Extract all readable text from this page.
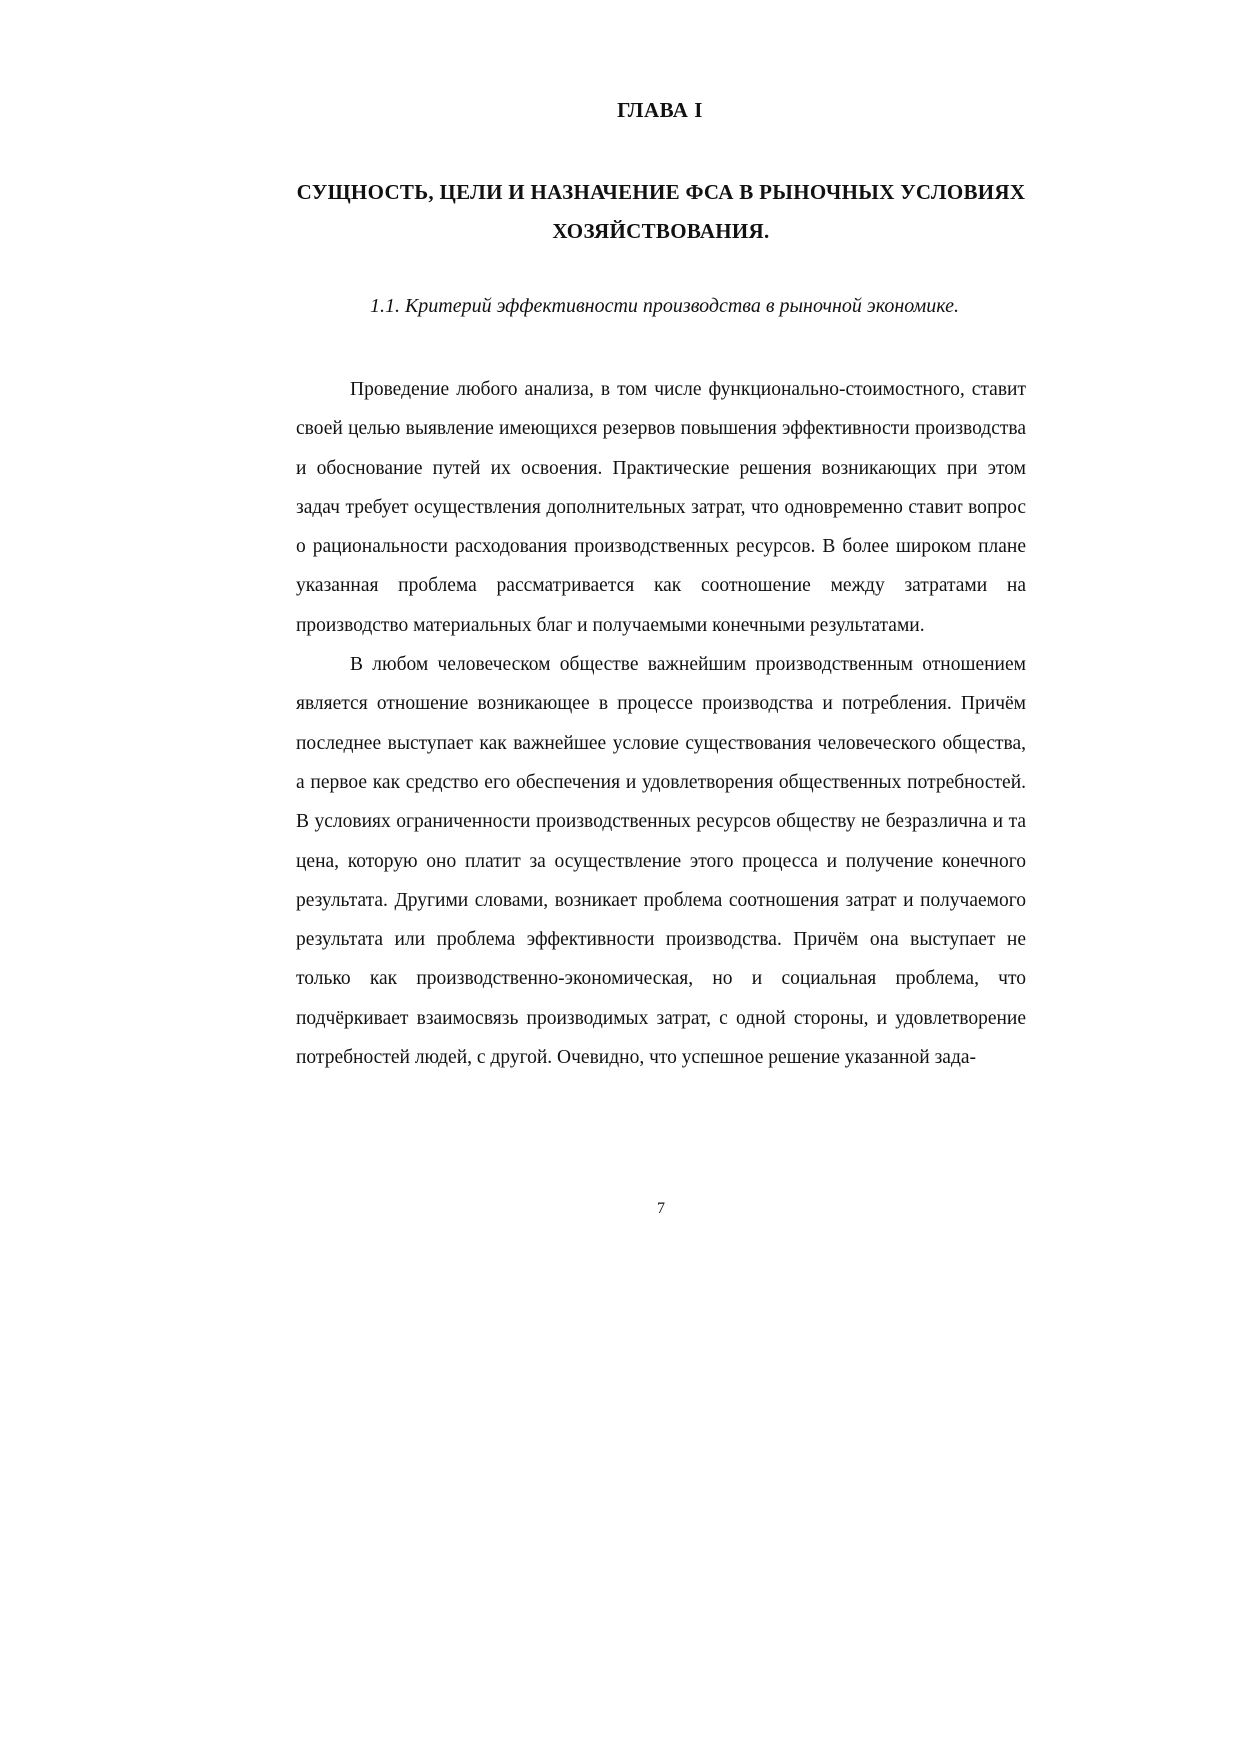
ГЛАВА I
СУЩНОСТЬ, ЦЕЛИ И НАЗНАЧЕНИЕ ФСА В РЫНОЧНЫХ УСЛОВИЯХ ХОЗЯЙСТВОВАНИЯ.
1.1. Критерий эффективности производства в рыночной экономике.

Проведение любого анализа, в том числе функционально-стоимостного, ставит своей целью выявление имеющихся резервов повышения эффективности производства и обоснование путей их освоения. Практические решения возникающих при этом задач требует осуществления дополнительных затрат, что одновременно ставит вопрос о рациональности расходования производственных ресурсов. В более широком плане указанная проблема рассматривается как соотношение между затратами на производство материальных благ и получаемыми конечными результатами.

В любом человеческом обществе важнейшим производственным отношением является отношение возникающее в процессе производства и потребления. Причём последнее выступает как важнейшее условие существования человеческого общества, а первое как средство его обеспечения и удовлетворения общественных потребностей. В условиях ограниченности производственных ресурсов обществу не безразлична и та цена, которую оно платит за осуществление этого процесса и получение конечного результата. Другими словами, возникает проблема соотношения затрат и получаемого результата или проблема эффективности производства. Причём она выступает не только как производственно-экономическая, но и социальная проблема, что подчёркивает взаимосвязь производимых затрат, с одной стороны, и удовлетворение потребностей людей, с другой. Очевидно, что успешное решение указанной зада-

7
